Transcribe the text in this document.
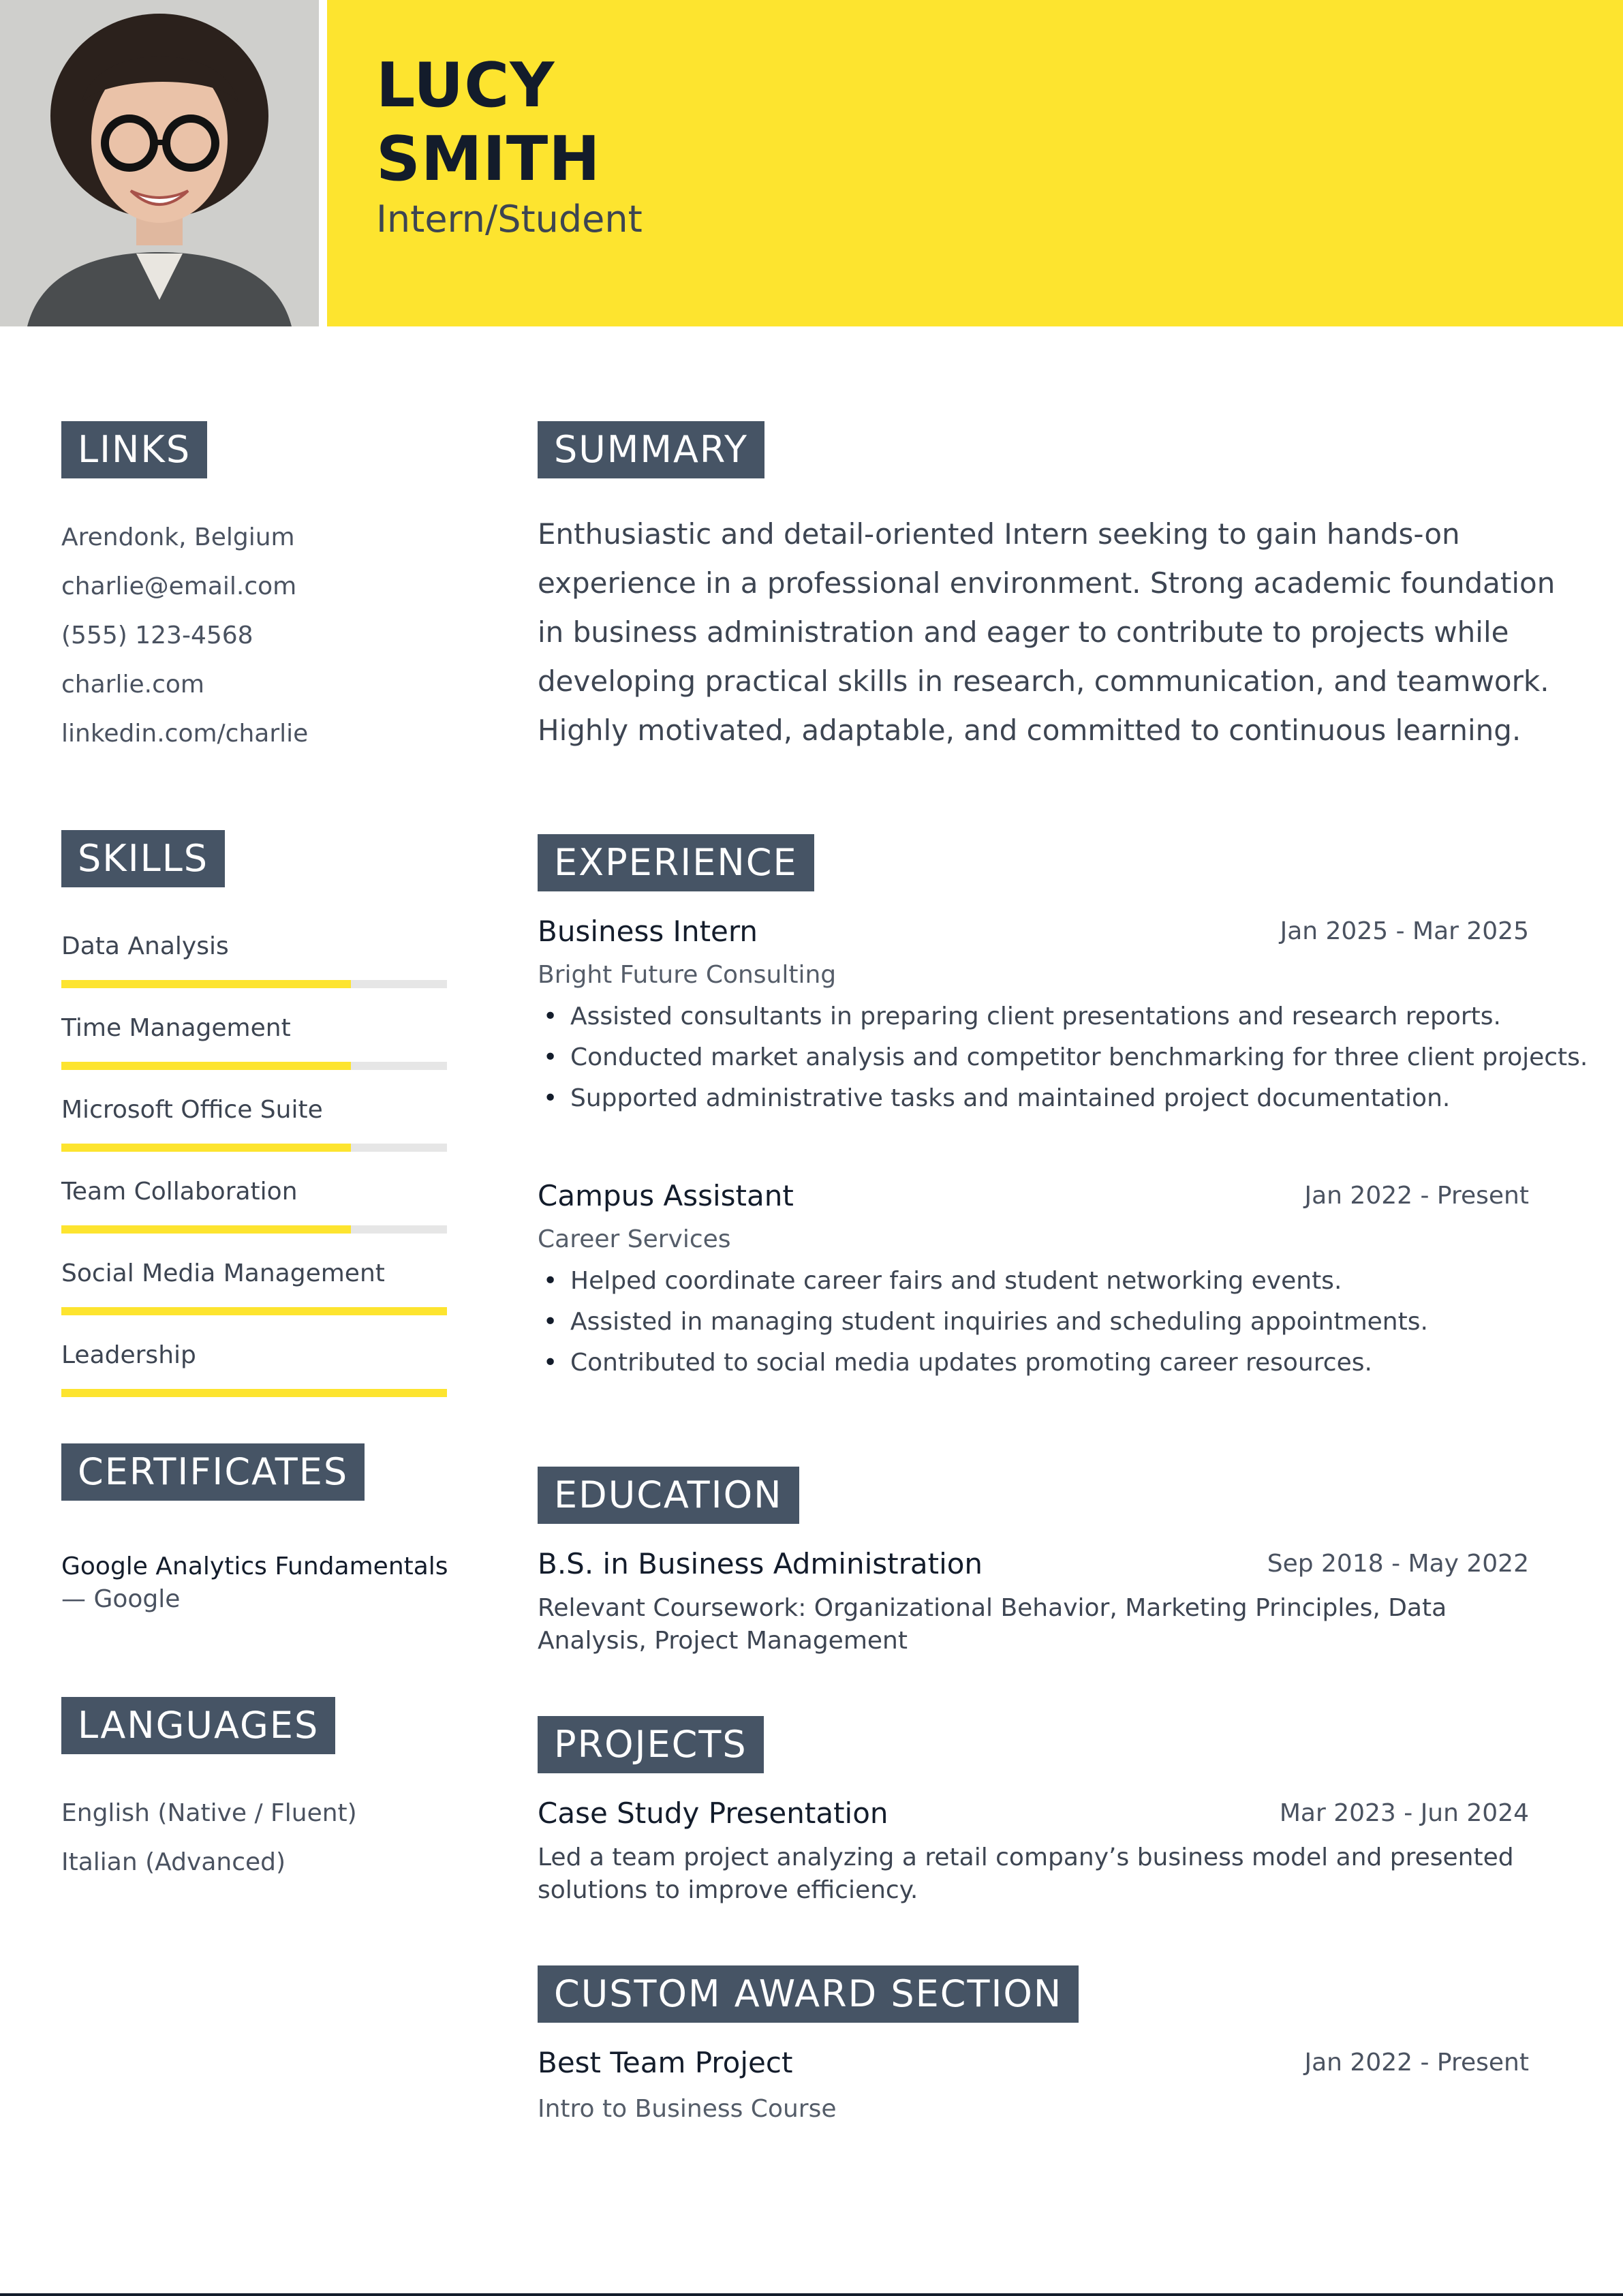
LUCY
SMITH
Intern/Student
LINKS
Arendonk, Belgium
charlie@email.com
(555) 123-4568
charlie.com
linkedin.com/charlie
SKILLS
Data Analysis
Time Management
Microsoft Office Suite
Team Collaboration
Social Media Management
Leadership
CERTIFICATES
Google Analytics Fundamentals
— Google
LANGUAGES
English (Native / Fluent)
Italian (Advanced)
SUMMARY
Enthusiastic and detail-oriented Intern seeking to gain hands-on experience in a professional environment. Strong academic foundation in business administration and eager to contribute to projects while developing practical skills in research, communication, and teamwork. Highly motivated, adaptable, and committed to continuous learning.
EXPERIENCE
Business Intern	Jan 2025 - Mar 2025
Bright Future Consulting
• Assisted consultants in preparing client presentations and research reports.
• Conducted market analysis and competitor benchmarking for three client projects.
• Supported administrative tasks and maintained project documentation.
Campus Assistant	Jan 2022 - Present
Career Services
• Helped coordinate career fairs and student networking events.
• Assisted in managing student inquiries and scheduling appointments.
• Contributed to social media updates promoting career resources.
EDUCATION
B.S. in Business Administration	Sep 2018 - May 2022
Relevant Coursework: Organizational Behavior, Marketing Principles, Data Analysis, Project Management
PROJECTS
Case Study Presentation	Mar 2023 - Jun 2024
Led a team project analyzing a retail company’s business model and presented solutions to improve efficiency.
CUSTOM AWARD SECTION
Best Team Project	Jan 2022 - Present
Intro to Business Course
